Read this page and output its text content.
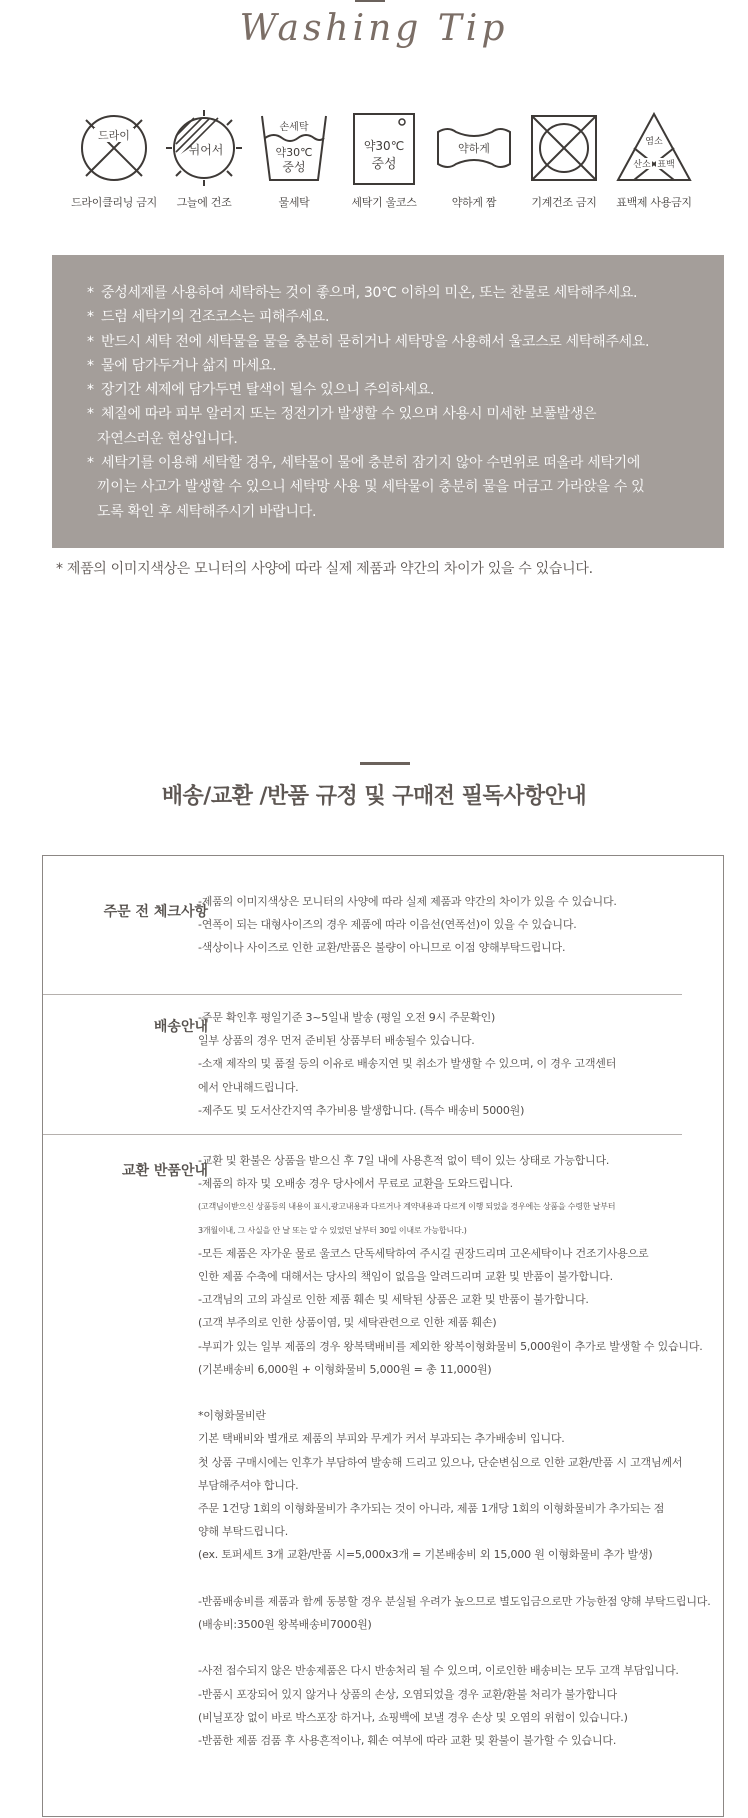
Washing Tip
드라이
드라이클리닝 금지
뉘어서
그늘에 건조
손세탁
약30℃
중성
물세탁
약30℃
중성
세탁기 울코스
약하게
약하게 짬	기계건조 금지
염소
산소 표백
표백제 사용금지
* 중성세제를 사용하여 세탁하는 것이 좋으며, 30℃ 이하의 미온, 또는 찬물로 세탁해주세요.
* 드럼 세탁기의 건조코스는 피해주세요.
* 반드시 세탁 전에 세탁물을 물을 충분히 묻히거나 세탁망을 사용해서 울코스로 세탁해주세요.
* 물에 담가두거나 삶지 마세요.
* 장기간 세제에 담가두면 탈색이 될수 있으니 주의하세요.
* 체질에 따라 피부 알러지 또는 정전기가 발생할 수 있으며 사용시 미세한 보풀발생은
자연스러운 현상입니다.
* 세탁기를 이용해 세탁할 경우, 세탁물이 물에 충분히 잠기지 않아 수면위로 떠올라 세탁기에
끼이는 사고가 발생할 수 있으니 세탁망 사용 및 세탁물이 충분히 물을 머금고 가라앉을 수 있
도록 확인 후 세탁해주시기 바랍니다.
* 제품의 이미지색상은 모니터의 사양에 따라 실제 제품과 약간의 차이가 있을 수 있습니다.
배송/교환 /반품 규정 및 구매전 필독사항안내
주문 전 체크사항
-제품의 이미지색상은 모니터의 사양에 따라 실제 제품과 약간의 차이가 있을 수 있습니다.
-연폭이 되는 대형사이즈의 경우 제품에 따라 이음선(연폭선)이 있을 수 있습니다.
-색상이나 사이즈로 인한 교환/반품은 불량이 아니므로 이점 양해부탁드립니다.
배송안내
-주문 확인후 평일기준 3~5일내 발송 (평일 오전 9시 주문확인)
일부 상품의 경우 먼저 준비된 상품부터 배송될수 있습니다.
-소재 제작의 및 품절 등의 이유로 배송지연 및 취소가 발생할 수 있으며, 이 경우 고객센터
에서 안내해드립니다.
-제주도 및 도서산간지역 추가비용 발생합니다. (특수 배송비 5000원)
교환 반품안내
-교환 및 환불은 상품을 받으신 후 7일 내에 사용흔적 없이 텍이 있는 상태로 가능합니다.
-제품의 하자 및 오배송 경우 당사에서 무료로 교환을 도와드립니다.
(고객님이받으신 상품등의 내용이 표시,광고내용과 다르거나 계약내용과 다르게 이행 되었을 경우에는 상품을 수령한 날부터
3개월이내, 그 사실을 안 날 또는 알 수 있었던 날부터 30일 이내로 가능합니다.)
-모든 제품은 자가운 물로 울코스 단독세탁하여 주시길 권장드리며 고온세탁이나 건조기사용으로
인한 제품 수축에 대해서는 당사의 책임이 없음을 알려드리며 교환 및 반품이 불가합니다.
-고객님의 고의 과실로 인한 제품 훼손 및 세탁된 상품은 교환 및 반품이 불가합니다.
(고객 부주의로 인한 상품이염, 및 세탁관련으로 인한 제품 훼손)
-부피가 있는 일부 제품의 경우 왕복택배비를 제외한 왕복이형화물비 5,000원이 추가로 발생할 수 있습니다.
(기본배송비 6,000원 + 이형화물비 5,000원 = 총 11,000원)
*이형화물비란
기본 택배비와 별개로 제품의 부피와 무게가 커서 부과되는 추가배송비 입니다.
첫 상품 구매시에는 인후가 부담하여 발송해 드리고 있으나, 단순변심으로 인한 교환/반품 시 고객님께서
부담해주셔야 합니다.
주문 1건당 1회의 이형화물비가 추가되는 것이 아니라, 제품 1개당 1회의 이형화물비가 추가되는 점
양해 부탁드립니다.
(ex. 토퍼세트 3개 교환/반품 시=5,000x3개 = 기본배송비 외 15,000 원 이형화물비 추가 발생)
-반품배송비를 제품과 함께 동봉할 경우 분실될 우려가 높으므로 별도입금으로만 가능한점 양해 부탁드립니다.
(배송비:3500원 왕복배송비7000원)
-사전 접수되지 않은 반송제품은 다시 반송처리 될 수 있으며, 이로인한 배송비는 모두 고객 부담입니다.
-반품시 포장되어 있지 않거나 상품의 손상, 오염되었을 경우 교환/환불 처리가 불가합니다
(비닐포장 없이 바로 박스포장 하거나, 쇼핑백에 보낼 경우 손상 및 오염의 위험이 있습니다.)
-반품한 제품 검품 후 사용흔적이나, 훼손 여부에 따라 교환 및 환불이 불가할 수 있습니다.
